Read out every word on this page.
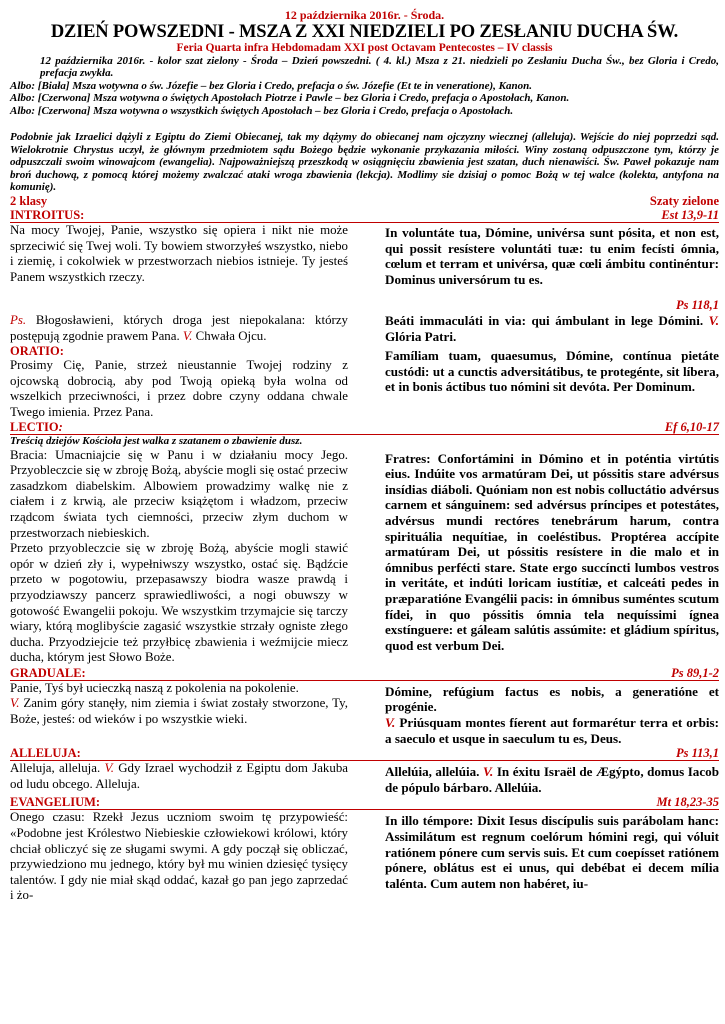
12 października 2016r. - Środa.
DZIEŃ POWSZEDNI - MSZA Z XXI NIEDZIELI PO ZESŁANIU DUCHA ŚW.
Feria Quarta infra Hebdomadam XXI post Octavam Pentecostes – IV classis

12 października 2016r. - kolor szat zielony - Środa – Dzień powszedni. ( 4. kl.) Msza z 21. niedzieli po Zesłaniu Ducha Św., bez Gloria i Credo, prefacja zwykła.

Albo: [Biała] Msza wotywna o św. Józefie – bez Gloria i Credo, prefacja o św. Józefie (Et te in veneratione), Kanon.

Albo: [Czerwona] Msza wotywna o świętych Apostołach Piotrze i Pawle – bez Gloria i Credo, prefacja o Apostołach, Kanon.

Albo: [Czerwona] Msza wotywna o wszystkich świętych Apostołach – bez Gloria i Credo, prefacja o Apostołach.

Podobnie jak Izraelici dążyli z Egiptu do Ziemi Obiecanej, tak my dążymy do obiecanej nam ojczyzny wiecznej (alleluja). Wejście do niej poprzedzi sąd. Wielokrotnie Chrystus uczył, że głównym przedmiotem sądu Bożego będzie wykonanie przykazania miłości. Winy zostaną odpuszczone tym, którzy je odpuszczali swoim winowajcom (ewangelia). Najpoważniejszą przeszkodą w osiągnięciu zbawienia jest szatan, duch nienawiści. Św. Paweł pokazuje nam broń duchową, z pomocą której możemy zwalczać ataki wroga zbawienia (lekcja). Modlimy sie dzisiaj o pomoc Bożą w tej walce (kolekta, antyfona na komunię).

2 klasy	Szaty zielone
INTROITUS:	Est 13,9-11

Na mocy Twojej, Panie, wszystko się opiera i nikt nie może sprzeciwić się Twej woli. Ty bowiem stworzyłeś wszystko, niebo i ziemię, i cokolwiek w przestworzach niebios istnieje. Ty jesteś Panem wszystkich rzeczy.

In voluntáte tua, Dómine, univérsa sunt pósita, et non est, qui possit resístere voluntáti tuæ: tu enim fecísti ómnia, cœlum et terram et univérsa, quæ cœli ámbitu continéntur: Dominus universórum tu es.

Ps 118,1

Ps. Błogosławieni, których droga jest niepokalana: którzy postępują zgodnie prawem Pana. V. Chwała Ojcu.

Beáti immaculáti in via: qui ámbulant in lege Dómini. V. Glória Patri.

ORATIO:

Prosimy Cię, Panie, strzeż nieustannie Twojej rodziny z ojcowską dobrocią, aby pod Twoją opieką była wolna od wszelkich przeciwności, i przez dobre czyny oddana chwale Twego imienia. Przez Pana.

Famíliam tuam, quaesumus, Dómine, contínua pietáte custódi: ut a cunctis adversitátibus, te protegénte, sit líbera, et in bonis áctibus tuo nómini sit devóta. Per Dominum.

LECTIO:	Ef 6,10-17
Treścią dziejów Kościoła jest walka z szatanem o zbawienie dusz.

Bracia: Umacniajcie się w Panu i w działaniu mocy Jego. Przyobleczcie się w zbroję Bożą, abyście mogli się ostać przeciw zasadzkom diabelskim. Albowiem prowadzimy walkę nie z ciałem i z krwią, ale przeciw książętom i władzom, przeciw rządcom świata tych ciemności, przeciw złym duchom w przestworzach niebieskich.

Przeto przyobleczcie się w zbroję Bożą, abyście mogli stawić opór w dzień zły i, wypełniwszy wszystko, ostać się. Bądźcie przeto w pogotowiu, przepasawszy biodra wasze prawdą i przyodziawszy pancerz sprawiedliwości, a nogi obuwszy w gotowość Ewangelii pokoju. We wszystkim trzymajcie się tarczy wiary, którą moglibyście zagasić wszystkie strzały ogniste złego ducha. Przyodziejcie też przyłbicę zbawienia i weźmijcie miecz ducha, którym jest Słowo Boże.

Fratres: Confortámini in Dómino et in poténtia virtútis eius. Indúite vos armatúram Dei, ut póssitis stare advérsus insídias diáboli. Quóniam non est nobis colluctátio advérsus carnem et sánguinem: sed advérsus príncipes et potestátes, advérsus mundi rectóres tenebrárum harum, contra spirituália nequítiae, in coeléstibus. Proptérea accípite armatúram Dei, ut póssitis resístere in die malo et in ómnibus perfécti stare. State ergo succíncti lumbos vestros in veritáte, et indúti loricam iustítiæ, et calceáti pedes in præparatióne Evangélii pacis: in ómnibus suméntes scutum fídei, in quo póssitis ómnia tela nequíssimi ígnea exstínguere: et gáleam salútis assúmite: et gládium spíritus, quod est verbum Dei.

GRADUALE:	Ps 89,1-2

Panie, Tyś był ucieczką naszą z pokolenia na pokolenie.

V. Zanim góry stanęły, nim ziemia i świat zostały stworzone, Ty, Boże, jesteś: od wieków i po wszystkie wieki.

Dómine, refúgium factus es nobis, a generatióne et progénie.

V. Priúsquam montes fíerent aut formarétur terra et orbis: a saeculo et usque in saeculum tu es, Deus.

ALLELUJA:	Ps 113,1

Alleluja, alleluja. V. Gdy Izrael wychodził z Egiptu dom Jakuba od ludu obcego. Alleluja.

Allelúia, allelúia. V. In éxitu Israël de Ægýpto, domus Iacob de pópulo bárbaro. Allelúia.

EVANGELIUM:	Mt 18,23-35

Onego czasu: Rzekł Jezus uczniom swoim tę przypowieść: «Podobne jest Królestwo Niebieskie człowiekowi królowi, który chciał obliczyć się ze sługami swymi. A gdy począł się obliczać, przywiedziono mu jednego, który był mu winien dziesięć tysięcy talentów. I gdy nie miał skąd oddać, kazał go pan jego zaprzedać i żo-

In illo témpore: Dixit Iesus discípulis suis parábolam hanc: Assimilátum est regnum coelórum hómini regi, qui vóluit ratiónem pónere cum servis suis. Et cum coepísset ratiónem pónere, oblátus est ei unus, qui debébat ei decem mília talénta. Cum autem non habéret, iu-
